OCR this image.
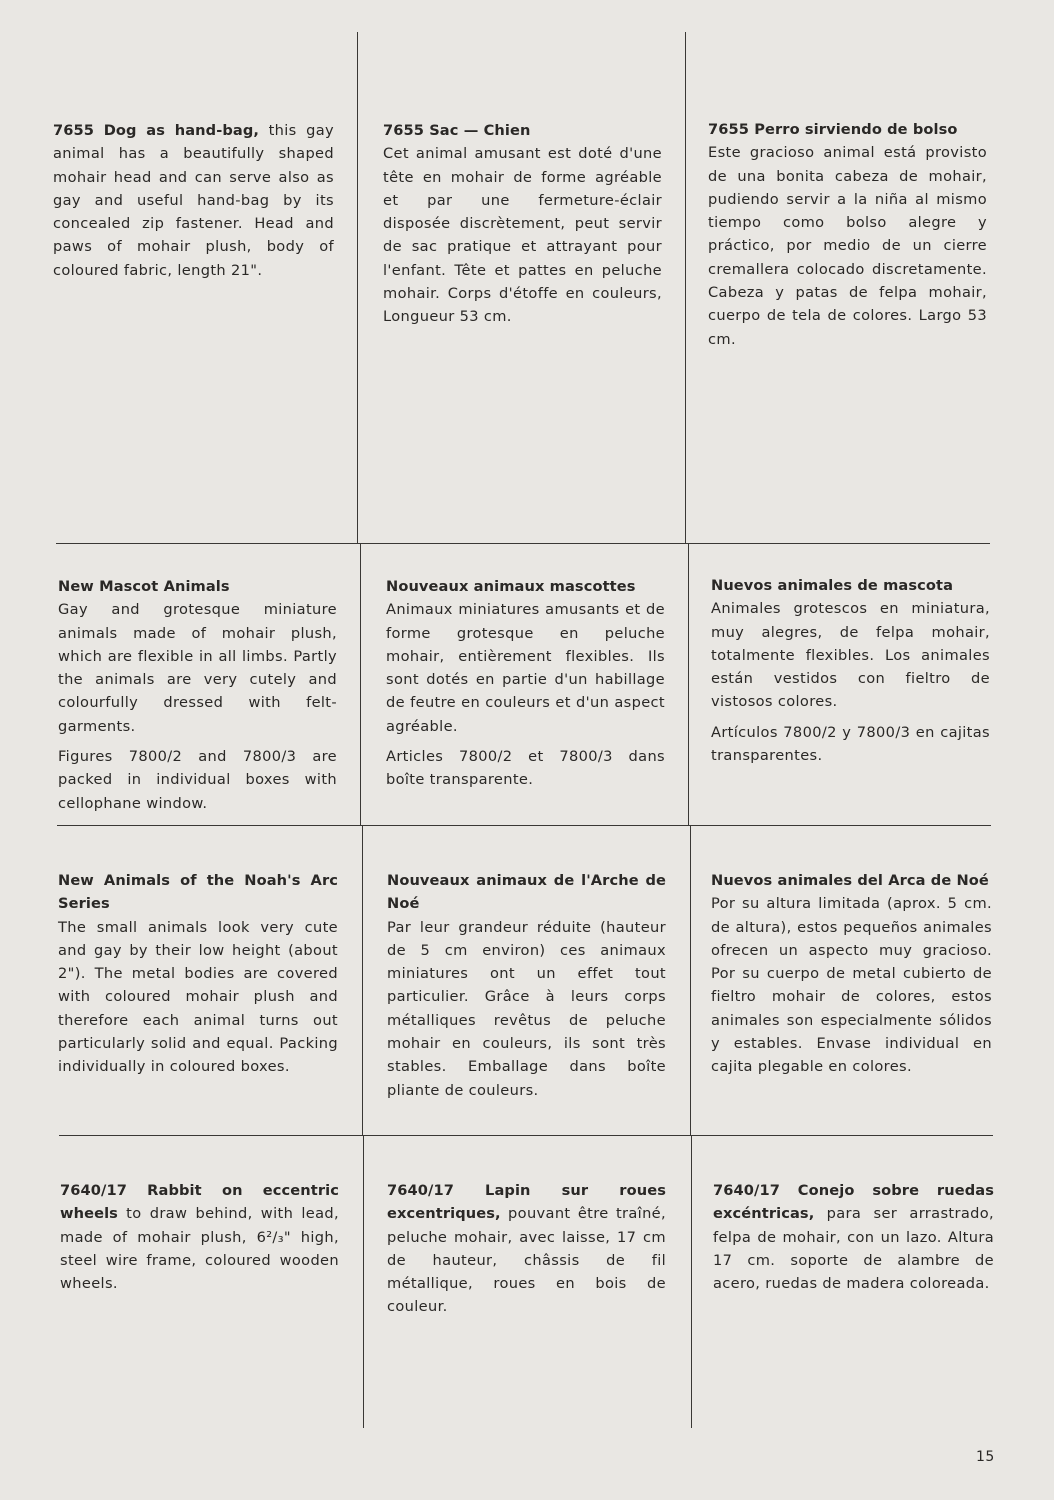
7655 Dog as hand-bag, this gay animal has a beautifully shaped mohair head and can serve also as gay and useful hand-bag by its concealed zip fastener. Head and paws of mohair plush, body of coloured fabric, length 21".

7655 Sac — Chien

Cet animal amusant est doté d'une tête en mohair de forme agréable et par une fermeture-éclair disposée discrètement, peut servir de sac pratique et attrayant pour l'enfant. Tête et pattes en peluche mohair. Corps d'étoffe en couleurs, Longueur 53 cm.

7655 Perro sirviendo de bolso

Este gracioso animal está provisto de una bonita cabeza de mohair, pudiendo servir a la niña al mismo tiempo como bolso alegre y práctico, por medio de un cierre cremallera colocado discretamente. Cabeza y patas de felpa mohair, cuerpo de tela de colores. Largo 53 cm.

New Mascot Animals

Gay and grotesque miniature animals made of mohair plush, which are flexible in all limbs. Partly the animals are very cutely and colourfully dressed with felt-garments.

Figures 7800/2 and 7800/3 are packed in individual boxes with cellophane window.

Nouveaux animaux mascottes

Animaux miniatures amusants et de forme grotesque en peluche mohair, entièrement flexibles. Ils sont dotés en partie d'un habillage de feutre en couleurs et d'un aspect agréable.

Articles 7800/2 et 7800/3 dans boîte transparente.

Nuevos animales de mascota

Animales grotescos en miniatura, muy alegres, de felpa mohair, totalmente flexibles. Los animales están vestidos con fieltro de vistosos colores.

Artículos 7800/2 y 7800/3 en cajitas transparentes.

New Animals of the Noah's Arc Series

The small animals look very cute and gay by their low height (about 2"). The metal bodies are covered with coloured mohair plush and therefore each animal turns out particularly solid and equal. Packing individually in coloured boxes.

Nouveaux animaux de l'Arche de Noé

Par leur grandeur réduite (hauteur de 5 cm environ) ces animaux miniatures ont un effet tout particulier. Grâce à leurs corps métalliques revêtus de peluche mohair en couleurs, ils sont très stables. Emballage dans boîte pliante de couleurs.

Nuevos animales del Arca de Noé

Por su altura limitada (aprox. 5 cm. de altura), estos pequeños animales ofrecen un aspecto muy gracioso. Por su cuerpo de metal cubierto de fieltro mohair de colores, estos animales son especialmente sólidos y estables. Envase individual en cajita plegable en colores.

7640/17 Rabbit on eccentric wheels to draw behind, with lead, made of mohair plush, 6²/₃" high, steel wire frame, coloured wooden wheels.

7640/17 Lapin sur roues excentriques, pouvant être traîné, peluche mohair, avec laisse, 17 cm de hauteur, châssis de fil métallique, roues en bois de couleur.

7640/17 Conejo sobre ruedas excéntricas, para ser arrastrado, felpa de mohair, con un lazo. Altura 17 cm. soporte de alambre de acero, ruedas de madera coloreada.

15
